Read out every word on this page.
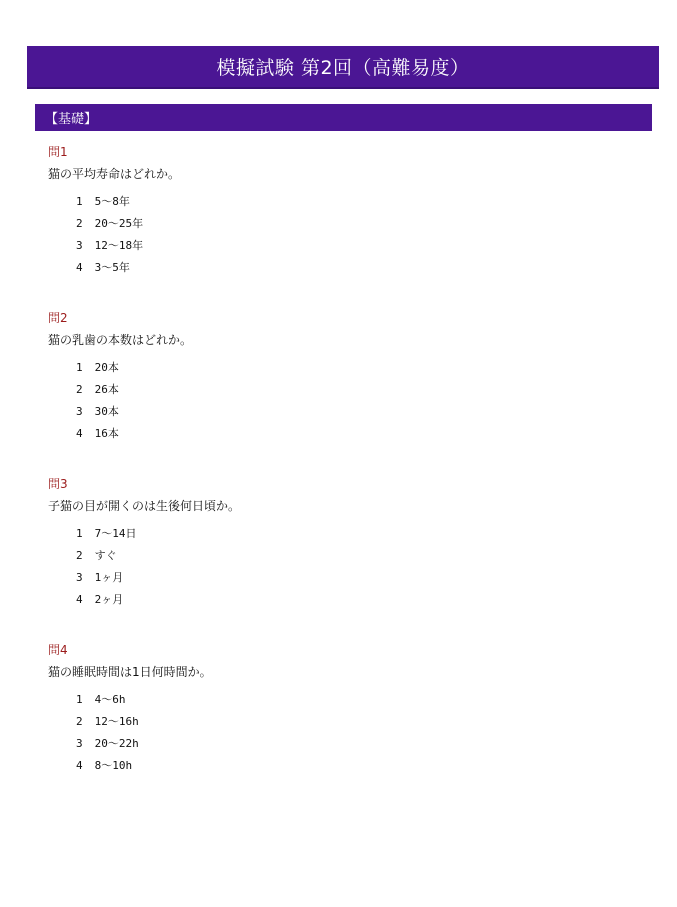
模擬試験 第2回（高難易度）
【基礎】
問1
猫の平均寿命はどれか。
1 5〜8年
2 20〜25年
3 12〜18年
4 3〜5年
問2
猫の乳歯の本数はどれか。
1 20本
2 26本
3 30本
4 16本
問3
子猫の目が開くのは生後何日頃か。
1 7〜14日
2 すぐ
3 1ヶ月
4 2ヶ月
問4
猫の睡眠時間は1日何時間か。
1 4〜6h
2 12〜16h
3 20〜22h
4 8〜10h
